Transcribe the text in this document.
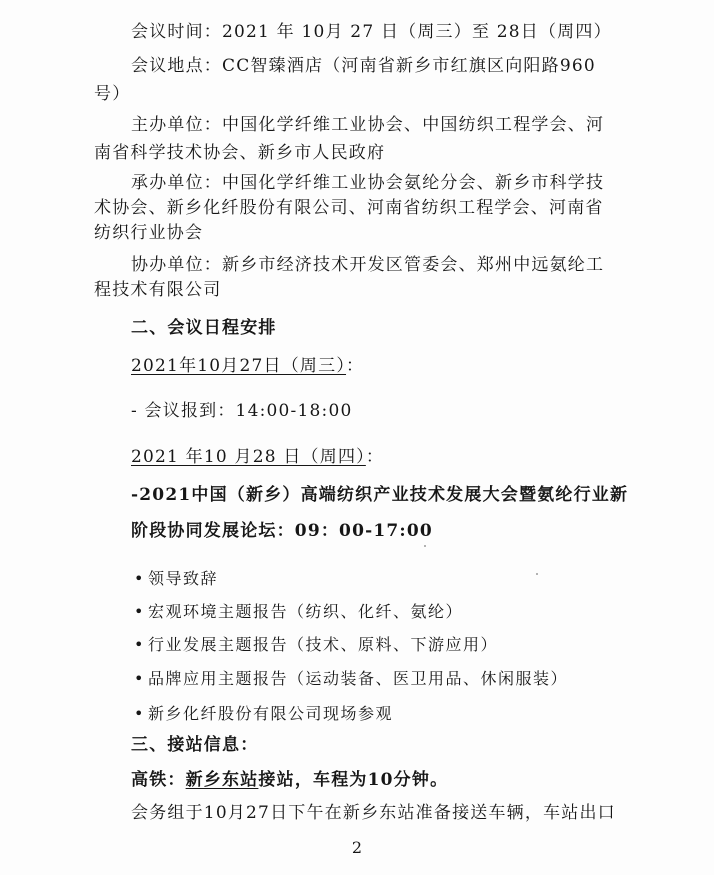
会议时间：2021 年 10月 27 日（周三）至 28日（周四）
会议地点：CC智臻酒店（河南省新乡市红旗区向阳路960
号）
主办单位：中国化学纤维工业协会、中国纺织工程学会、河
南省科学技术协会、新乡市人民政府
承办单位：中国化学纤维工业协会氨纶分会、新乡市科学技
术协会、新乡化纤股份有限公司、河南省纺织工程学会、河南省
纺织行业协会
协办单位：新乡市经济技术开发区管委会、郑州中远氨纶工
程技术有限公司
二、会议日程安排
2021年10月27日（周三）：
- 会议报到：14:00-18:00
2021 年10 月28 日（周四）：
-2021中国（新乡）高端纺织产业技术发展大会暨氨纶行业新
阶段协同发展论坛：09：00-17:00
• 领导致辞
• 宏观环境主题报告（纺织、化纤、氨纶）
• 行业发展主题报告（技术、原料、下游应用）
• 品牌应用主题报告（运动装备、医卫用品、休闲服装）
• 新乡化纤股份有限公司现场参观
三、接站信息：
高铁：新乡东站接站，车程为10分钟。
会务组于10月27日下午在新乡东站准备接送车辆，车站出口
2
